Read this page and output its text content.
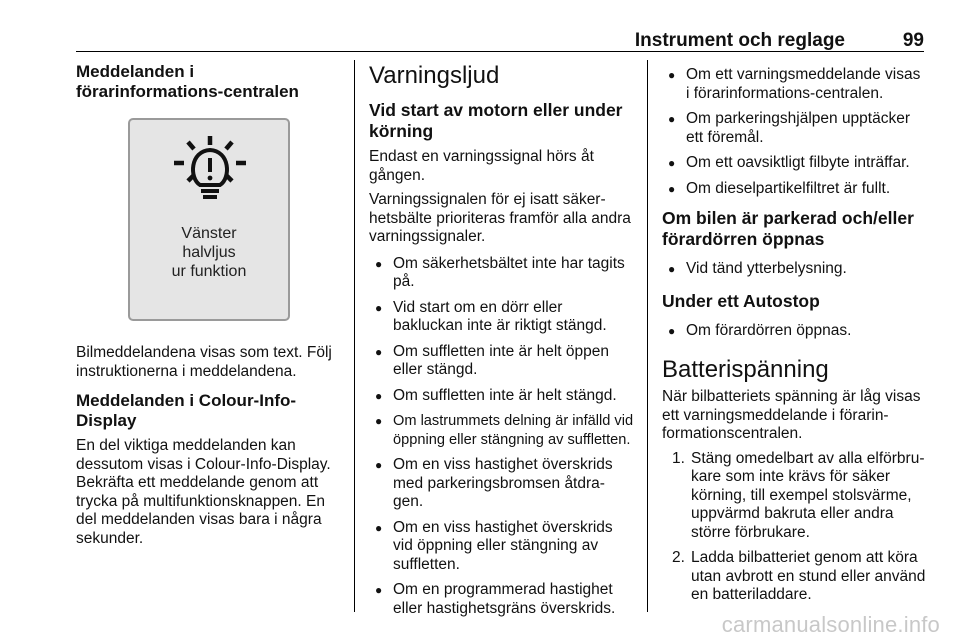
Instrument och reglage	99
Meddelanden i förarinformations-centralen
Vänster
halvljus
ur funktion

Bilmeddelandena visas som text. Följ instruktionerna i meddelandena.

Meddelanden i Colour-Info-Display

En del viktiga meddelanden kan dessutom visas i Colour-Info-Display. Bekräfta ett meddelande genom att trycka på multifunktionsknappen. En del meddelanden visas bara i några sekunder.

Varningsljud
Vid start av motorn eller under körning

Endast en varningssignal hörs åt gången.

Varningssignalen för ej isatt säker-hetsbälte prioriteras framför alla andra varningssignaler.

● Om säkerhetsbältet inte har tagits på.
● Vid start om en dörr eller bakluckan inte är riktigt stängd.
● Om suffletten inte är helt öppen eller stängd.
● Om suffletten inte är helt stängd.
● Om lastrummets delning är infälld vid öppning eller stängning av suffletten.
● Om en viss hastighet överskrids med parkeringsbromsen åtdra-gen.
● Om en viss hastighet överskrids vid öppning eller stängning av suffletten.
● Om en programmerad hastighet eller hastighetsgräns överskrids.
● Om ett varningsmeddelande visas i förarinformations-centralen.
● Om parkeringshjälpen upptäcker ett föremål.
● Om ett oavsiktligt filbyte inträffar.
● Om dieselpartikelfiltret är fullt.
Om bilen är parkerad och/eller förardörren öppnas
● Vid tänd ytterbelysning.
Under ett Autostop
● Om förardörren öppnas.
Batterispänning

När bilbatteriets spänning är låg visas ett varningsmeddelande i förarin-formationscentralen.

1. Stäng omedelbart av alla elförbru-kare som inte krävs för säker körning, till exempel stolsvärme, uppvärmd bakruta eller andra större förbrukare.
2. Ladda bilbatteriet genom att köra utan avbrott en stund eller använd en batteriladdare.
carmanualsonline.info
